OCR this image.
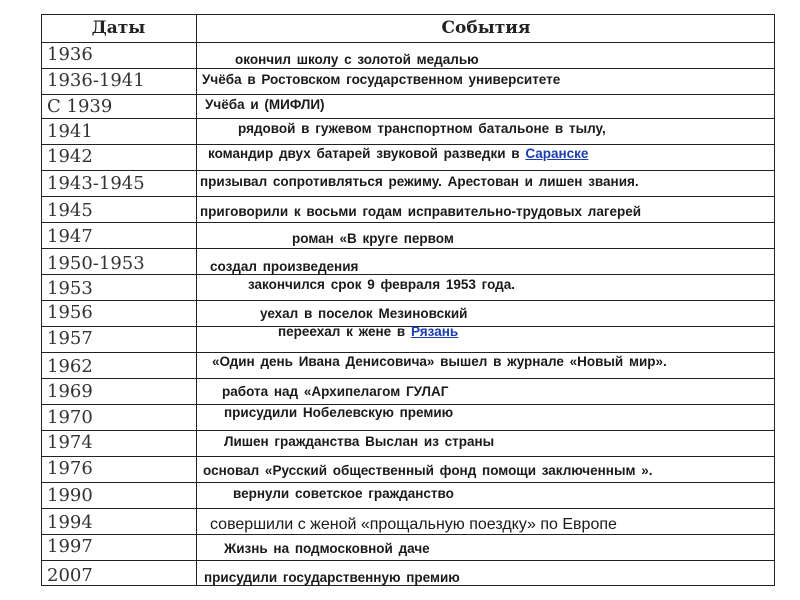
Даты	События
1936	окончил школу с золотой медалью
1936-1941	Учёба в Ростовском государственном университете
С 1939	Учёба и (МИФЛИ)
1941	рядовой в гужевом транспортном батальоне в тылу,
1942	командир двух батарей звуковой разведки в Саранске
1943-1945	призывал сопротивляться режиму. Арестован и лишен звания.
1945	приговорили к восьми годам исправительно-трудовых лагерей
1947	роман «В круге первом
1950-1953	создал произведения
1953	закончился срок 9 февраля 1953 года.
1956	уехал в поселок Мезиновский
1957	переехал к жене в Рязань
1962	«Один день Ивана Денисовича» вышел в журнале «Новый мир».
1969	работа над «Архипелагом ГУЛАГ
1970	присудили Нобелевскую премию
1974	Лишен гражданства Выслан из страны
1976	основал «Русский общественный фонд помощи заключенным ».
1990	вернули советское гражданство
1994	совершили с женой «прощальную поездку» по Европе
1997	Жизнь на подмосковной даче
2007	присудили государственную премию
